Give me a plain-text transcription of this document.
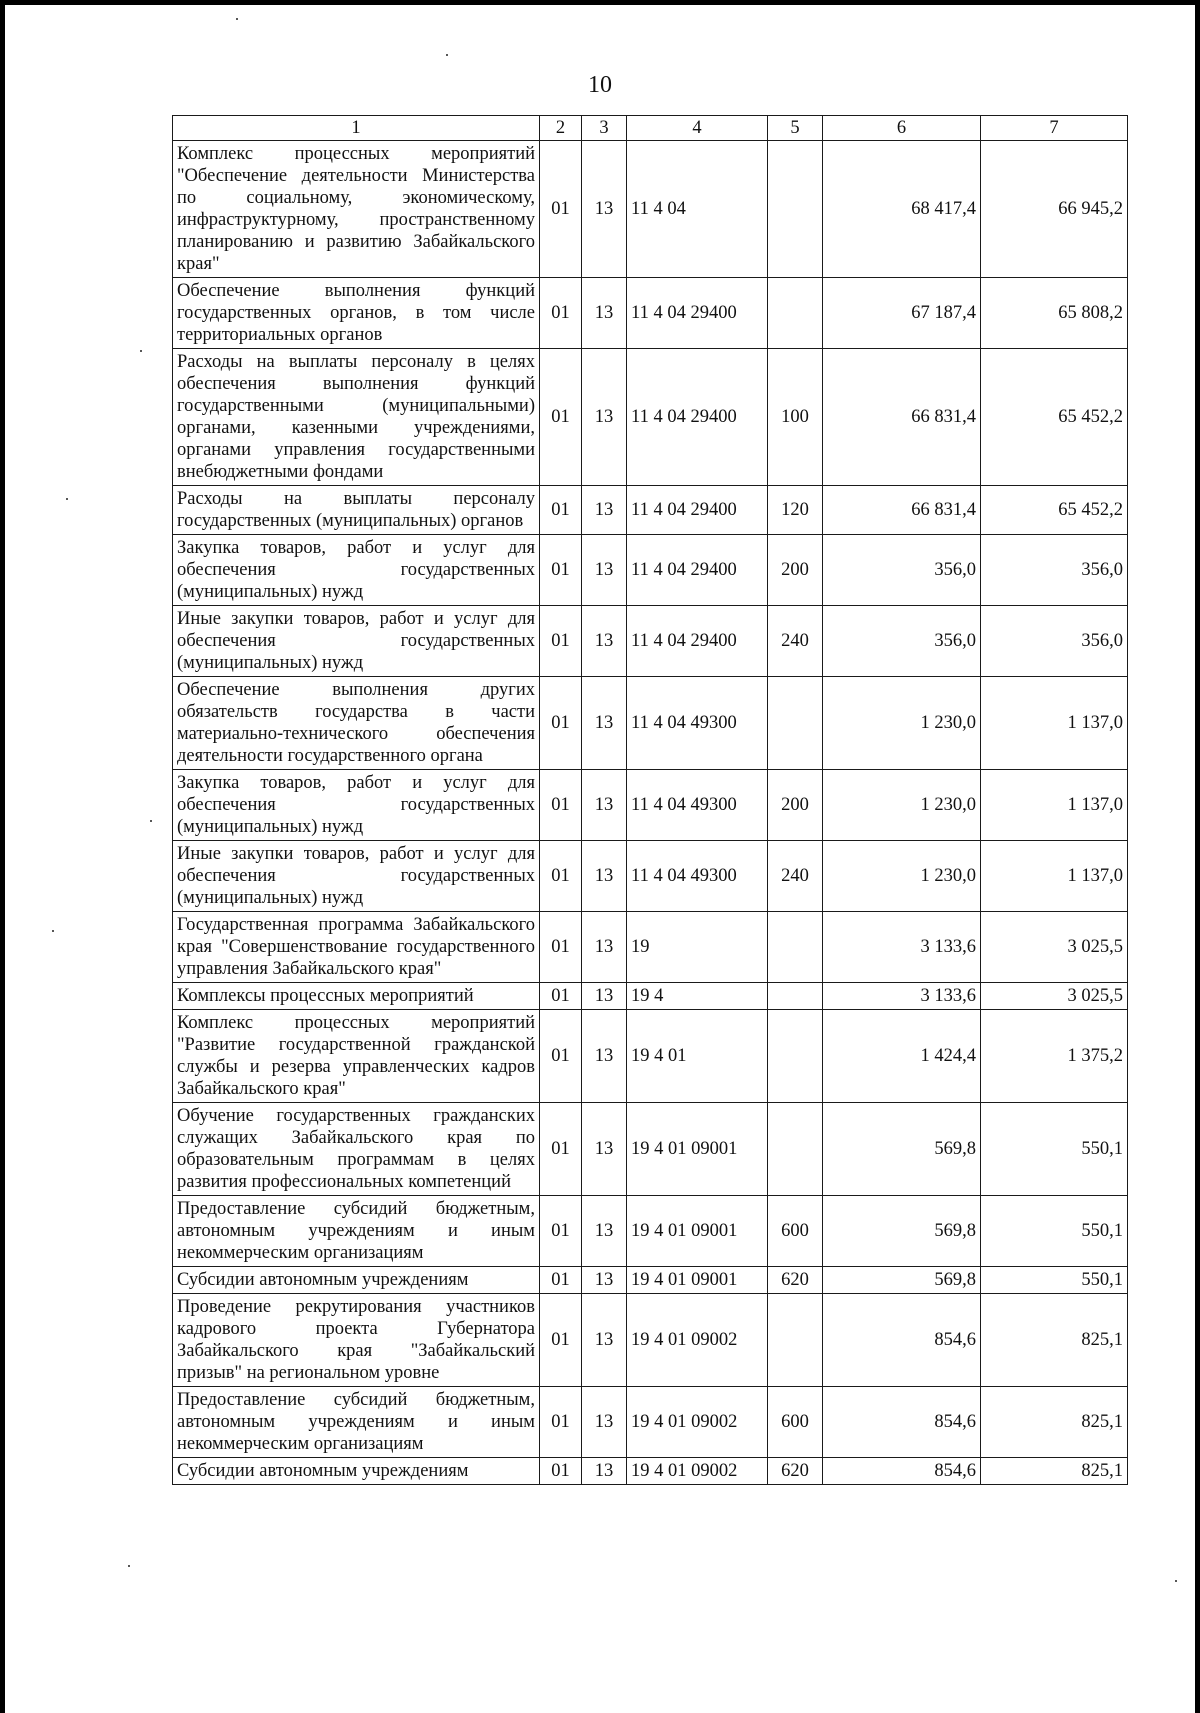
10
1	2	3	4	5	6	7
Комплекс процессных мероприятий "Обеспечение деятельности Министерства по социальному, экономическому, инфраструктурному, пространственному планированию и развитию Забайкальского края"	01	13	11 4 04		68 417,4	66 945,2
Обеспечение выполнения функций государственных органов, в том числе территориальных органов	01	13	11 4 04 29400		67 187,4	65 808,2
Расходы на выплаты персоналу в целях обеспечения выполнения функций государственными (муниципальными) органами, казенными учреждениями, органами управления государственными внебюджетными фондами	01	13	11 4 04 29400	100	66 831,4	65 452,2
Расходы на выплаты персоналу государственных (муниципальных) органов	01	13	11 4 04 29400	120	66 831,4	65 452,2
Закупка товаров, работ и услуг для обеспечения государственных (муниципальных) нужд	01	13	11 4 04 29400	200	356,0	356,0
Иные закупки товаров, работ и услуг для обеспечения государственных (муниципальных) нужд	01	13	11 4 04 29400	240	356,0	356,0
Обеспечение выполнения других обязательств государства в части материально-технического обеспечения деятельности государственного органа	01	13	11 4 04 49300		1 230,0	1 137,0
Закупка товаров, работ и услуг для обеспечения государственных (муниципальных) нужд	01	13	11 4 04 49300	200	1 230,0	1 137,0
Иные закупки товаров, работ и услуг для обеспечения государственных (муниципальных) нужд	01	13	11 4 04 49300	240	1 230,0	1 137,0
Государственная программа Забайкальского края "Совершенствование государственного управления Забайкальского края"	01	13	19		3 133,6	3 025,5
Комплексы процессных мероприятий	01	13	19 4		3 133,6	3 025,5
Комплекс процессных мероприятий "Развитие государственной гражданской службы и резерва управленческих кадров Забайкальского края"	01	13	19 4 01		1 424,4	1 375,2
Обучение государственных гражданских служащих Забайкальского края по образовательным программам в целях развития профессиональных компетенций	01	13	19 4 01 09001		569,8	550,1
Предоставление субсидий бюджетным, автономным учреждениям и иным некоммерческим организациям	01	13	19 4 01 09001	600	569,8	550,1
Субсидии автономным учреждениям	01	13	19 4 01 09001	620	569,8	550,1
Проведение рекрутирования участников кадрового проекта Губернатора Забайкальского края "Забайкальский призыв" на региональном уровне	01	13	19 4 01 09002		854,6	825,1
Предоставление субсидий бюджетным, автономным учреждениям и иным некоммерческим организациям	01	13	19 4 01 09002	600	854,6	825,1
Субсидии автономным учреждениям	01	13	19 4 01 09002	620	854,6	825,1
